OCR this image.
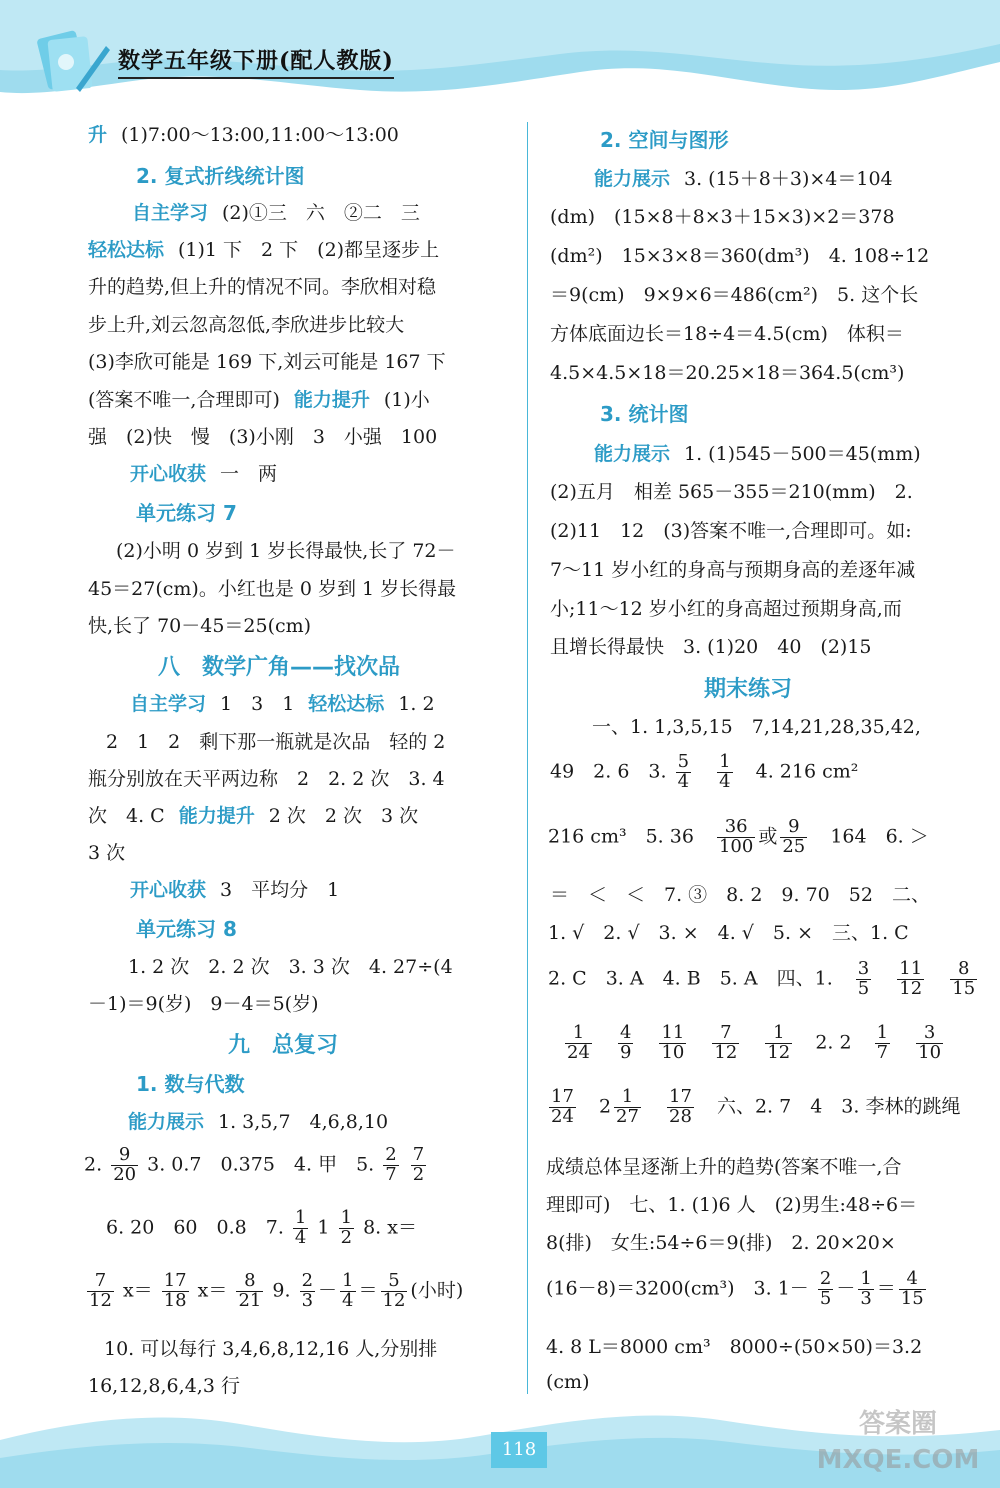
数学五年级下册(配人教版)
升 (1)7:00～13:00,11:00～13:00
2. 复式折线统计图
自主学习 (2)①三　六　②二　三
轻松达标 (1)1 下　2 下　(2)都呈逐步上
升的趋势,但上升的情况不同。李欣相对稳
步上升,刘云忽高忽低,李欣进步比较大
(3)李欣可能是 169 下,刘云可能是 167 下
(答案不唯一,合理即可) 能力提升 (1)小
强　(2)快　慢　(3)小刚　3　小强　100
开心收获 一　两
单元练习 7
(2)小明 0 岁到 1 岁长得最快,长了 72－
45＝27(cm)。小红也是 0 岁到 1 岁长得最
快,长了 70－45＝25(cm)
八　数学广角——找次品
自主学习 1　3　1 轻松达标 1. 2
2　1　2　剩下那一瓶就是次品　轻的 2
瓶分别放在天平两边称　2　2. 2 次　3. 4
次　4. C 能力提升 2 次　2 次　3 次
3 次
开心收获 3　平均分　1
单元练习 8
1. 2 次　2. 2 次　3. 3 次　4. 27÷(4
－1)＝9(岁)　9－4＝5(岁)
九　总复习
1. 数与代数
能力展示 1. 3,5,7　4,6,8,10
2. $\frac{9}{20} 3$. 0.7　0.375　4. 甲　5. $\frac{2}{7}$
$\frac{7}{2}$
6. 20　60　0.8　7. $\frac{1}{4} 1 \frac{1}{2} 8$. x＝
$\frac{7}{12} x= \frac{17}{18} x= \frac{8}{21} 9$. $\frac{2}{3} - \frac{1}{4} = \frac{5}{12}$ (小时)
10. 可以每行 3,4,6,8,12,16 人,分别排
16,12,8,6,4,3 行
2. 空间与图形
能力展示 3. (15＋8＋3)×4＝104
(dm)　(15×8＋8×3＋15×3)×2＝378
(dm²)　15×3×8＝360(dm³)　4. 108÷12
＝9(cm)　9×9×6＝486(cm²)　5. 这个长
方体底面边长＝18÷4＝4.5(cm)　体积＝
4.5×4.5×18＝20.25×18＝364.5(cm³)
3. 统计图
能力展示 1. (1)545－500＝45(mm)
(2)五月　相差 565－355＝210(mm)　2.
(2)11　12　(3)答案不唯一,合理即可。如:
7～11 岁小红的身高与预期身高的差逐年减
小;11～12 岁小红的身高超过预期身高,而
且增长得最快　3. (1)20　40　(2)15
期末练习
一、1. 1,3,5,15　7,14,21,28,35,42,
49　2. 6　3. $\frac{5}{4}$
$\frac{1}{4} 4$. 216 cm²
216 cm³　5. $36 \frac{36}{100}$ 或 $\frac{9}{25} 164$　6. ＞
＝　＜　＜　7. ③　8. 2　9. 70　52　二、
1. √　2. √　3. ×　4. √　5. ×　三、1. C
2. C　3. A　4. B　5. A　四、1. $\frac{3}{5}$
$\frac{11}{12}$
$\frac{8}{15}$
$\frac{1}{24}$
$\frac{4}{9}$
$\frac{11}{10}$
$\frac{7}{12}$
$\frac{1}{12} 2$. $2 \frac{1}{7}$
$\frac{3}{10}$
$\frac{17}{24} 2 \frac{1}{27}$
$\frac{17}{28}$ 六、2. 7　4　3. 李林的跳绳
成绩总体呈逐渐上升的趋势(答案不唯一,合
理即可)　七、1. (1)6 人　(2)男生:48÷6＝
8(排)　女生:54÷6＝9(排)　2. 20×20×
(16－8)＝3200(cm³)　3. $1- \frac{2}{5} - \frac{1}{3} = \frac{4}{15}$
4. 8 L＝8000 cm³　8000÷(50×50)＝3.2
(cm)
118
答案圈 MXQE.COM
